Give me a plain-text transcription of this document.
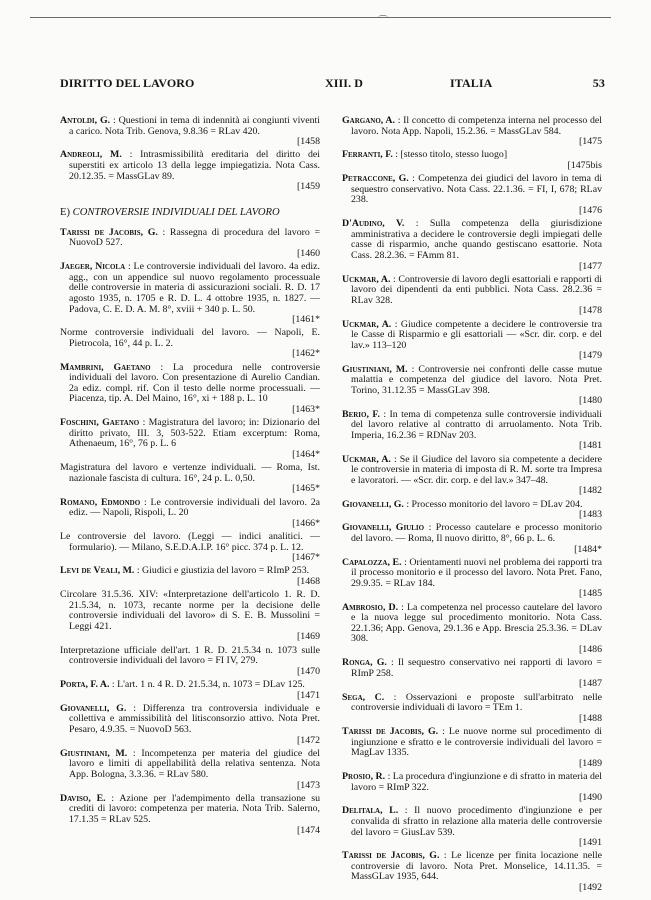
⌒
DIRITTO DEL LAVORO	XIII. D	ITALIA	53
Antoldi, G. : Questioni in tema di indennità ai congiunti viventi a carico. Nota Trib. Genova, 9.8.36 = RLav 420.
[1458
Andreoli, M. : Intrasmissibilità ereditaria del diritto dei superstiti ex articolo 13 della legge impiegatizia. Nota Cass. 20.12.35. = MassGLav 89.
[1459
E) CONTROVERSIE INDIVIDUALI DEL LAVORO
Tarissi de Jacobis, G. : Rassegna di procedura del lavoro = NuovoD 527.
[1460
Jaeger, Nicola : Le controversie individuali del lavoro. 4a ediz. agg., con un appendice sul nuovo regolamento processuale delle controversie in materia di assicurazioni sociali. R. D. 17 agosto 1935, n. 1705 e R. D. L. 4 ottobre 1935, n. 1827. — Padova, C. E. D. A. M. 8°, xviii + 340 p. L. 50.
[1461*
Norme controversie individuali del lavoro. — Napoli, E. Pietrocola, 16°, 44 p. L. 2.
[1462*
Mambrini, Gaetano : La procedura nelle controversie individuali del lavoro. Con presentazione di Aurelio Candian. 2a ediz. compl. rif. Con il testo delle norme processuali. — Piacenza, tip. A. Del Maino, 16°, xi + 188 p. L. 10
[1463*
Foschini, Gaetano : Magistratura del lavoro; in: Dizionario del diritto privato, III. 3, 503-522. Etiam excerptum: Roma, Athenaeum, 16°, 76 p. L. 6
[1464*
Magistratura del lavoro e vertenze individuali. — Roma, Ist. nazionale fascista di cultura. 16°, 24 p. L. 0,50.
[1465*
Romano, Edmondo : Le controversie individuali del lavoro. 2a ediz. — Napoli, Rispoli, L. 20
[1466*
Le controversie del lavoro. (Leggi — indici analitici. — formulario). — Milano, S.E.D.A.I.P. 16° picc. 374 p. L. 12.
[1467*
Levi de Veali, M. : Giudici e giustizia del lavoro = RImP 253.
[1468
Circolare 31.5.36. XIV: «Interpretazione dell'articolo 1. R. D. 21.5.34, n. 1073, recante norme per la decisione delle controversie individuali del lavoro» di S. E. B. Mussolini = Leggi 421.
[1469
Interpretazione ufficiale dell'art. 1 R. D. 21.5.34 n. 1073 sulle controversie individuali del lavoro = FI IV, 279.
[1470
Porta, F. A. : L'art. 1 n. 4 R. D. 21.5.34, n. 1073 = DLav 125.
[1471
Giovanelli, G. : Differenza tra controversia individuale e collettiva e ammissibilità del litisconsorzio attivo. Nota Pret. Pesaro, 4.9.35. = NuovoD 563.
[1472
Giustiniani, M. : Incompetenza per materia del giudice del lavoro e limiti di appellabilità della relativa sentenza. Nota App. Bologna, 3.3.36. = RLav 580.
[1473
Daviso, E. : Azione per l'adempimento della transazione su crediti di lavoro: competenza per materia. Nota Trib. Salerno, 17.1.35 = RLav 525.
[1474
Gargano, A. : Il concetto di competenza interna nel processo del lavoro. Nota App. Napoli, 15.2.36. = MassGLav 584.
[1475
Ferranti, F. : [stesso titolo, stesso luogo]
[1475bis
Petraccone, G. : Competenza dei giudici del lavoro in tema di sequestro conservativo. Nota Cass. 22.1.36. = FI, I, 678; RLav 238.
[1476
D'Audino, V. : Sulla competenza della giurisdizione amministrativa a decidere le controversie degli impiegati delle casse di risparmio, anche quando gestiscano esattorie. Nota Cass. 28.2.36. = FAmm 81.
[1477
Uckmar, A. : Controversie di lavoro degli esattoriali e rapporti di lavoro dei dipendenti da enti pubblici. Nota Cass. 28.2.36 = RLav 328.
[1478
Uckmar, A. : Giudice competente a decidere le controversie tra le Casse di Risparmio e gli esattoriali — «Scr. dir. corp. e del lav.» 113–120
[1479
Giustiniani, M. : Controversie nei confronti delle casse mutue malattia e competenza del giudice del lavoro. Nota Pret. Torino, 31.12.35 = MassGLav 398.
[1480
Berio, F. : In tema di competenza sulle controversie individuali del lavoro relative al contratto di arruolamento. Nota Trib. Imperia, 16.2.36 = RDNav 203.
[1481
Uckmar, A. : Se il Giudice del lavoro sia competente a decidere le controversie in materia di imposta di R. M. sorte tra Impresa e lavoratori. — «Scr. dir. corp. e del lav.» 347–48.
[1482
Giovanelli, G. : Processo monitorio del lavoro = DLav 204.
[1483
Giovanelli, Giulio : Processo cautelare e processo monitorio del lavoro. — Roma, Il nuovo diritto, 8°, 66 p. L. 6.
[1484*
Capalozza, E. : Orientamenti nuovi nel problema dei rapporti tra il processo monitorio e il processo del lavoro. Nota Pret. Fano, 29.9.35. = RLav 184.
[1485
Ambrosio, D. : La competenza nel processo cautelare del lavoro e la nuova legge sul procedimento monitorio. Nota Cass. 22.1.36; App. Genova, 29.1.36 e App. Brescia 25.3.36. = DLav 308.
[1486
Ronga, G. : Il sequestro conservativo nei rapporti di lavoro = RImP 258.
[1487
Sega, C. : Osservazioni e proposte sull'arbitrato nelle controversie individuali di lavoro = TEm 1.
[1488
Tarissi de Jacobis, G. : Le nuove norme sul procedimento di ingiunzione e sfratto e le controversie individuali del lavoro = MagLav 1335.
[1489
Prosio, R. : La procedura d'ingiunzione e di sfratto in materia del lavoro = RImP 322.
[1490
Delitala, L. : Il nuovo procedimento d'ingiunzione e per convalida di sfratto in relazione alla materia delle controversie del lavoro = GiusLav 539.
[1491
Tarissi de Jacobis, G. : Le licenze per finita locazione nelle controversie di lavoro. Nota Pret. Monselice, 14.11.35. = MassGLav 1935, 644.
[1492
